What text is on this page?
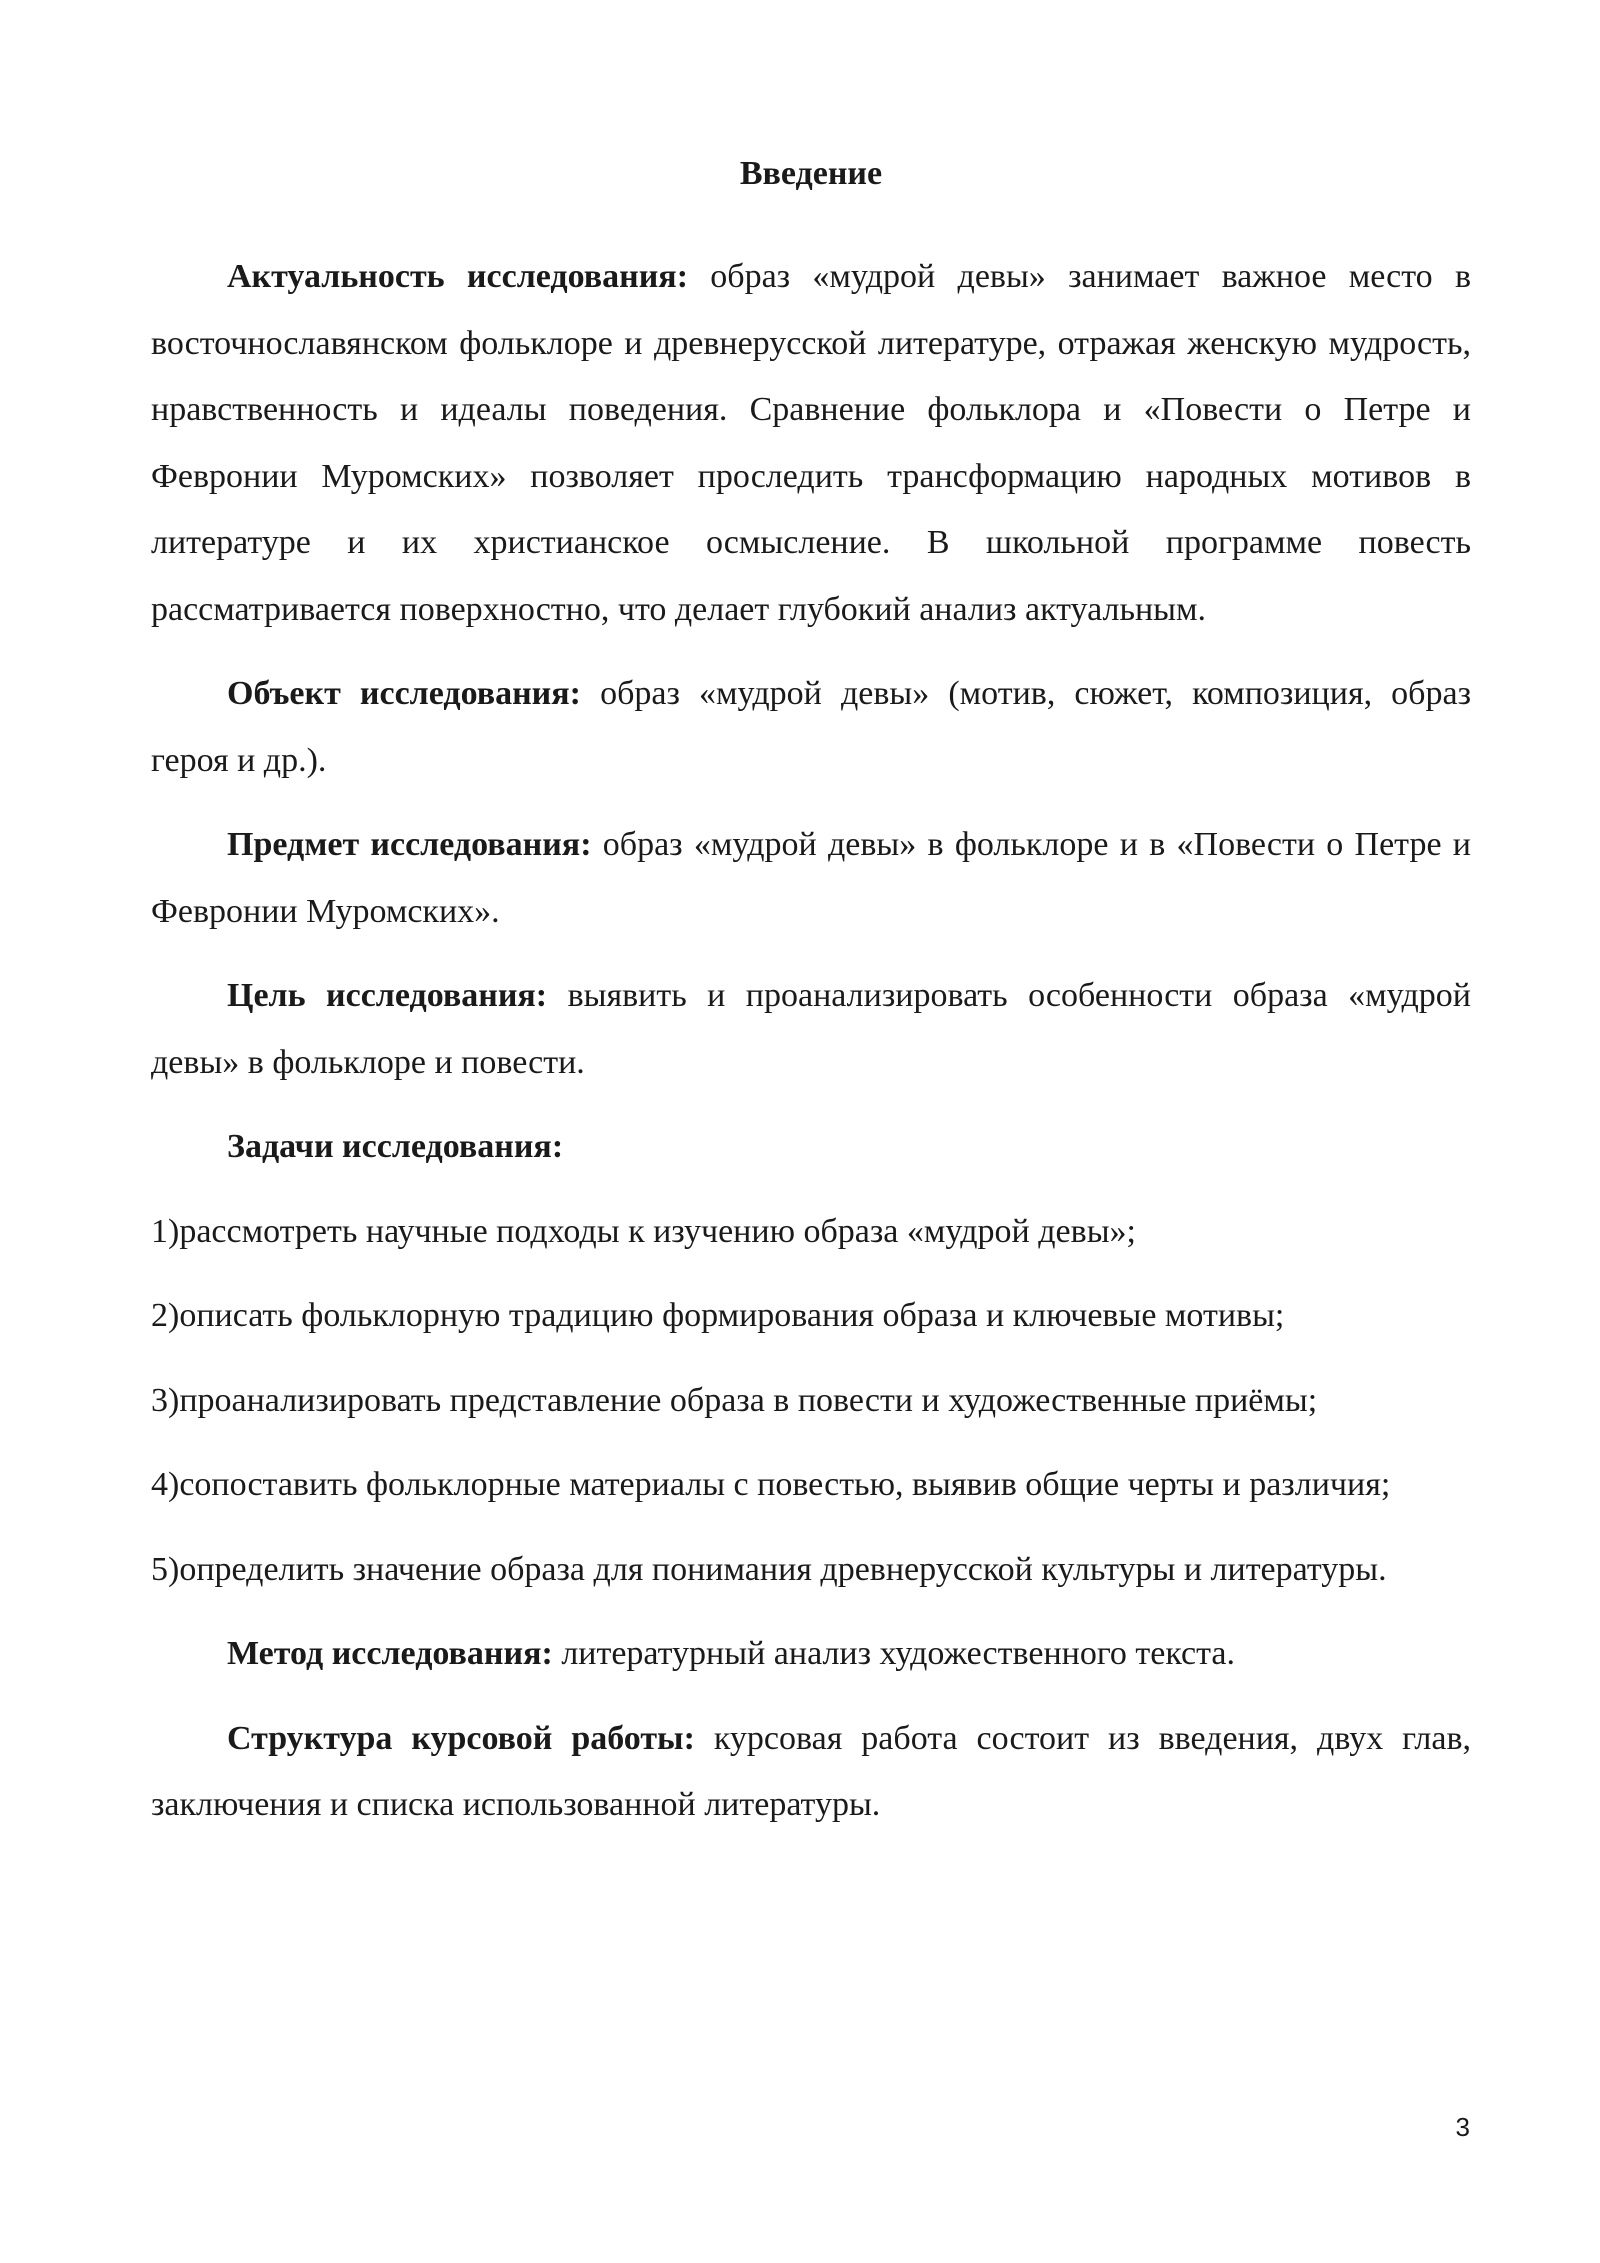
Введение

Актуальность исследования: образ «мудрой девы» занимает важное место в восточнославянском фольклоре и древнерусской литературе, отражая женскую мудрость, нравственность и идеалы поведения. Сравнение фольклора и «Повести о Петре и Февронии Муромских» позволяет проследить трансформацию народных мотивов в литературе и их христианское осмысление. В школьной программе повесть рассматривается поверхностно, что делает глубокий анализ актуальным.

Объект исследования: образ «мудрой девы» (мотив, сюжет, композиция, образ героя и др.).

Предмет исследования: образ «мудрой девы» в фольклоре и в «Повести о Петре и Февронии Муромских».

Цель исследования: выявить и проанализировать особенности образа «мудрой девы» в фольклоре и повести.

Задачи исследования:

1)рассмотреть научные подходы к изучению образа «мудрой девы»;

2)описать фольклорную традицию формирования образа и ключевые мотивы;

3)проанализировать представление образа в повести и художественные приёмы;

4)сопоставить фольклорные материалы с повестью, выявив общие черты и различия;

5)определить значение образа для понимания древнерусской культуры и литературы.

Метод исследования: литературный анализ художественного текста.

Структура курсовой работы: курсовая работа состоит из введения, двух глав, заключения и списка использованной литературы.

3
